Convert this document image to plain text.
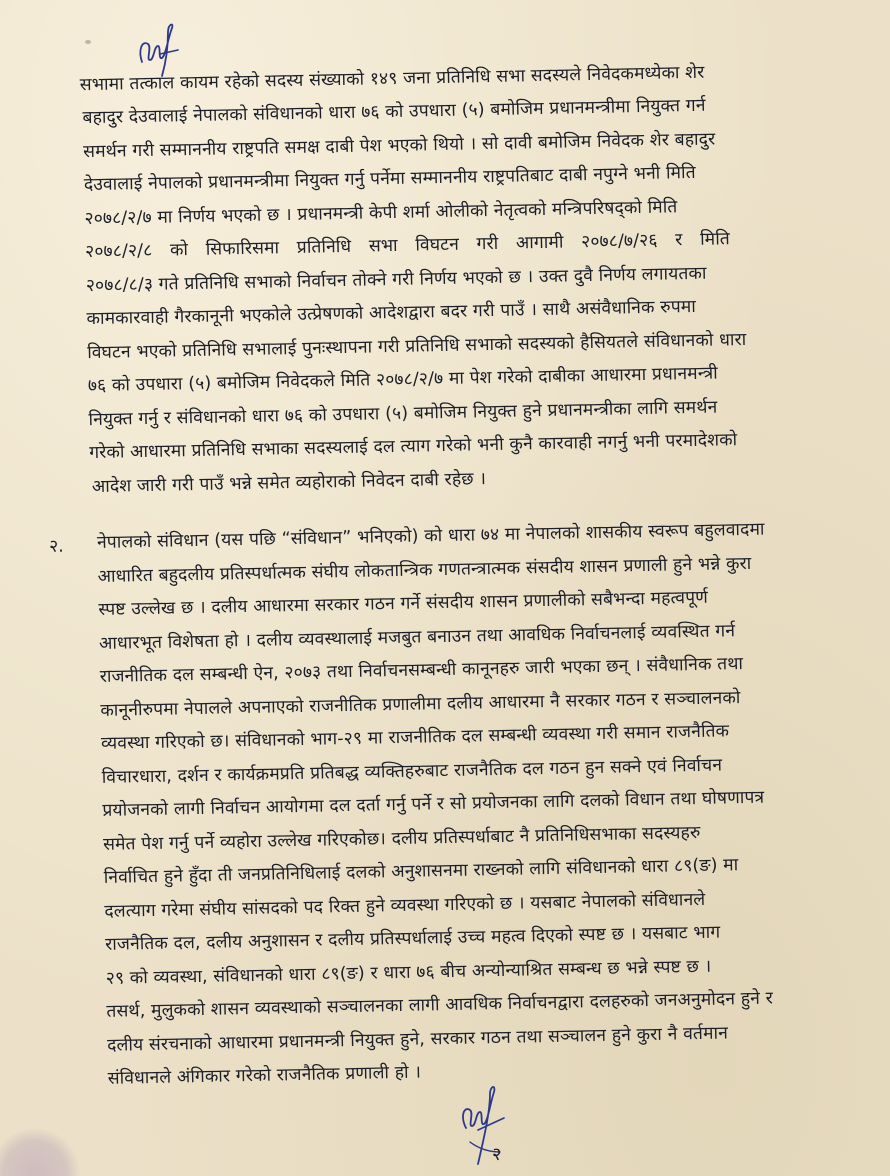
सभामा तत्काल कायम रहेको सदस्य संख्याको १४९ जना प्रतिनिधि सभा सदस्यले निवेदकमध्येका शेर
बहादुर देउवालाई नेपालको संविधानको धारा ७६ को उपधारा (५) बमोजिम प्रधानमन्त्रीमा नियुक्त गर्न
समर्थन गरी सम्माननीय राष्ट्रपति समक्ष दाबी पेश भएको थियो । सो दावी बमोजिम निवेदक शेर बहादुर
देउवालाई नेपालको प्रधानमन्त्रीमा नियुक्त गर्नु पर्नेमा सम्माननीय राष्ट्रपतिबाट दाबी नपुग्ने भनी मिति
२०७८/२/७ मा निर्णय भएको छ । प्रधानमन्त्री केपी शर्मा ओलीको नेतृत्वको मन्त्रिपरिषद्को मिति
२०७८/२/८ को सिफारिसमा प्रतिनिधि सभा विघटन गरी आगामी २०७८/७/२६ र मिति
२०७८/८/३ गते प्रतिनिधि सभाको निर्वाचन तोक्ने गरी निर्णय भएको छ । उक्त दुवै निर्णय लगायतका
कामकारवाही गैरकानूनी भएकोले उत्प्रेषणको आदेशद्वारा बदर गरी पाउँ । साथै असंवैधानिक रुपमा
विघटन भएको प्रतिनिधि सभालाई पुनःस्थापना गरी प्रतिनिधि सभाको सदस्यको हैसियतले संविधानको धारा
७६ को उपधारा (५) बमोजिम निवेदकले मिति २०७८/२/७ मा पेश गरेको दाबीका आधारमा प्रधानमन्त्री
नियुक्त गर्नु र संविधानको धारा ७६ को उपधारा (५) बमोजिम नियुक्त हुने प्रधानमन्त्रीका लागि समर्थन
गरेको आधारमा प्रतिनिधि सभाका सदस्यलाई दल त्याग गरेको भनी कुनै कारवाही नगर्नु भनी परमादेशको
आदेश जारी गरी पाउँ भन्ने समेत व्यहोराको निवेदन दाबी रहेछ ।
२. नेपालको संविधान (यस पछि “संविधान” भनिएको) को धारा ७४ मा नेपालको शासकीय स्वरूप बहुलवादमा
आधारित बहुदलीय प्रतिस्पर्धात्मक संघीय लोकतान्त्रिक गणतन्त्रात्मक संसदीय शासन प्रणाली हुने भन्ने कुरा
स्पष्ट उल्लेख छ । दलीय आधारमा सरकार गठन गर्ने संसदीय शासन प्रणालीको सबैभन्दा महत्वपूर्ण
आधारभूत विशेषता हो । दलीय व्यवस्थालाई मजबुत बनाउन तथा आवधिक निर्वाचनलाई व्यवस्थित गर्न
राजनीतिक दल सम्बन्धी ऐन, २०७३ तथा निर्वाचनसम्बन्धी कानूनहरु जारी भएका छन् । संवैधानिक तथा
कानूनीरुपमा नेपालले अपनाएको राजनीतिक प्रणालीमा दलीय आधारमा नै सरकार गठन र सञ्चालनको
व्यवस्था गरिएको छ। संविधानको भाग-२९ मा राजनीतिक दल सम्बन्धी व्यवस्था गरी समान राजनैतिक
विचारधारा, दर्शन र कार्यक्रमप्रति प्रतिबद्ध व्यक्तिहरुबाट राजनैतिक दल गठन हुन सक्ने एवं निर्वाचन
प्रयोजनको लागी निर्वाचन आयोगमा दल दर्ता गर्नु पर्ने र सो प्रयोजनका लागि दलको विधान तथा घोषणापत्र
समेत पेश गर्नु पर्ने व्यहोरा उल्लेख गरिएकोछ। दलीय प्रतिस्पर्धाबाट नै प्रतिनिधिसभाका सदस्यहरु
निर्वाचित हुने हुँदा ती जनप्रतिनिधिलाई दलको अनुशासनमा राख्नको लागि संविधानको धारा ८९(ङ) मा
दलत्याग गरेमा संघीय सांसदको पद रिक्त हुने व्यवस्था गरिएको छ । यसबाट नेपालको संविधानले
राजनैतिक दल, दलीय अनुशासन र दलीय प्रतिस्पर्धालाई उच्च महत्व दिएको स्पष्ट छ । यसबाट भाग
२९ को व्यवस्था, संविधानको धारा ८९(ङ) र धारा ७६ बीच अन्योन्याश्रित सम्बन्ध छ भन्ने स्पष्ट छ ।
तसर्थ, मुलुकको शासन व्यवस्थाको सञ्चालनका लागी आवधिक निर्वाचनद्वारा दलहरुको जनअनुमोदन हुने र
दलीय संरचनाको आधारमा प्रधानमन्त्री नियुक्त हुने, सरकार गठन तथा सञ्चालन हुने कुरा नै वर्तमान
संविधानले अंगिकार गरेको राजनैतिक प्रणाली हो ।
२
